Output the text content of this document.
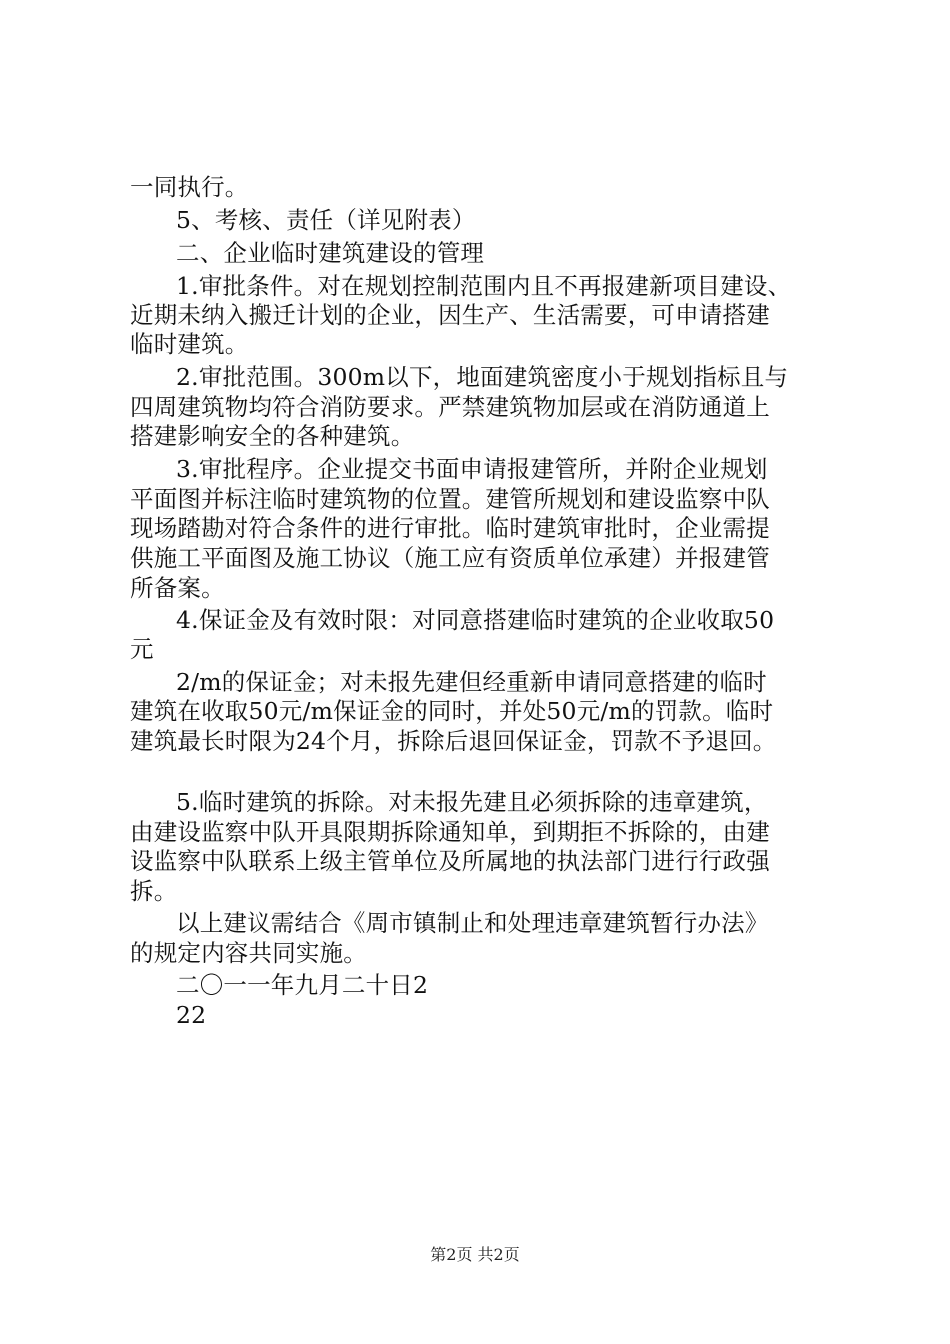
一同执行。
5、考核、责任（详见附表）
二、企业临时建筑建设的管理
1.审批条件。对在规划控制范围内且不再报建新项目建设、
近期未纳入搬迁计划的企业，因生产、生活需要，可申请搭建
临时建筑。
2.审批范围。300m以下，地面建筑密度小于规划指标且与
四周建筑物均符合消防要求。严禁建筑物加层或在消防通道上
搭建影响安全的各种建筑。
3.审批程序。企业提交书面申请报建管所，并附企业规划
平面图并标注临时建筑物的位置。建管所规划和建设监察中队
现场踏勘对符合条件的进行审批。临时建筑审批时，企业需提
供施工平面图及施工协议（施工应有资质单位承建）并报建管
所备案。
4.保证金及有效时限：对同意搭建临时建筑的企业收取50
元
2/m的保证金；对未报先建但经重新申请同意搭建的临时
建筑在收取50元/m保证金的同时，并处50元/m的罚款。临时
建筑最长时限为24个月，拆除后退回保证金，罚款不予退回。
5.临时建筑的拆除。对未报先建且必须拆除的违章建筑，
由建设监察中队开具限期拆除通知单，到期拒不拆除的，由建
设监察中队联系上级主管单位及所属地的执法部门进行行政强
拆。
以上建议需结合《周市镇制止和处理违章建筑暂行办法》
的规定内容共同实施。
二〇一一年九月二十日2
22
第2页 共2页
